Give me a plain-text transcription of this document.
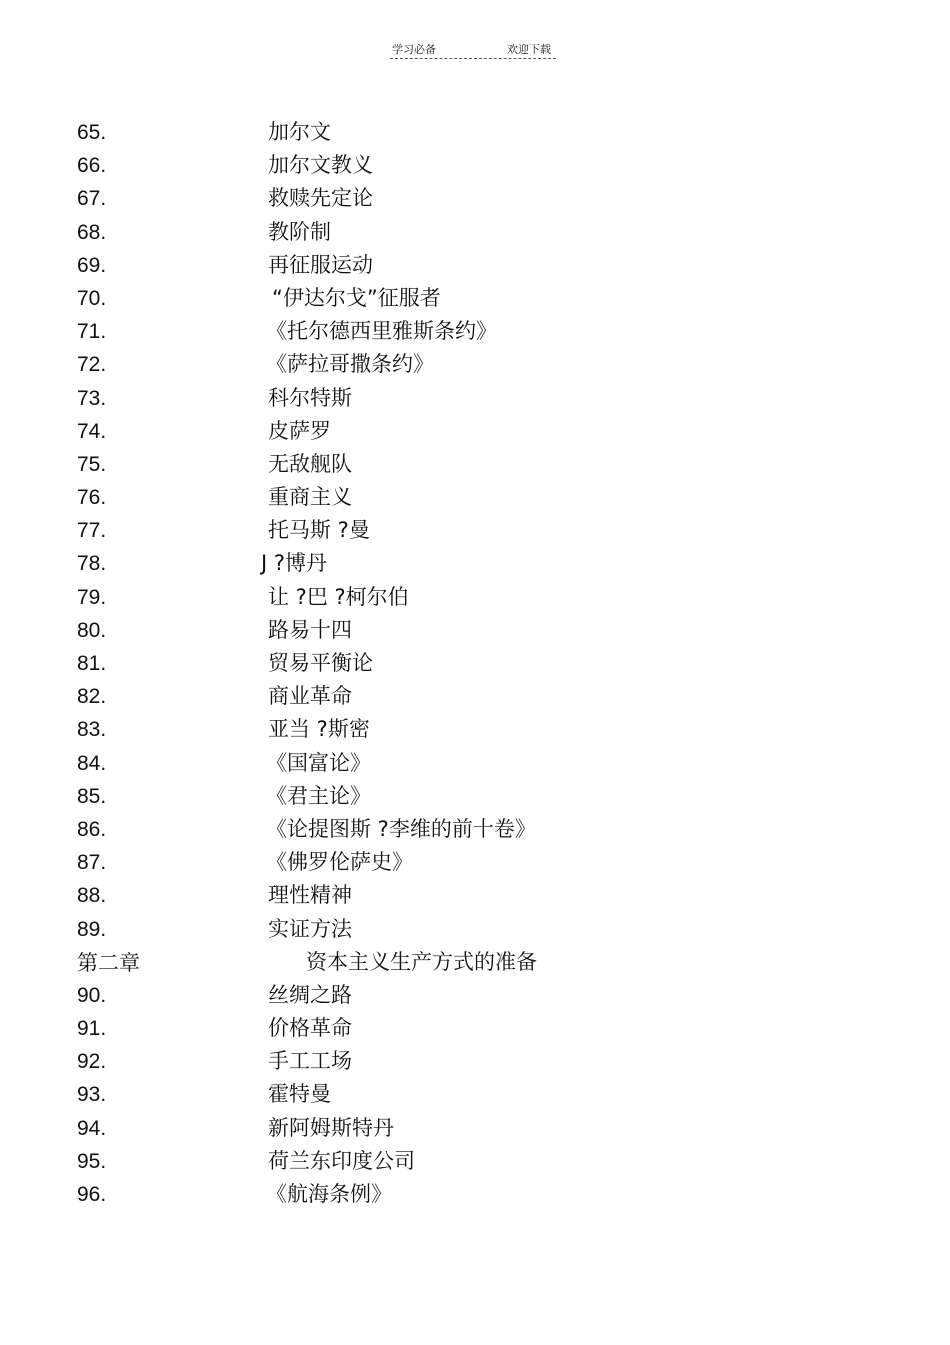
学习必备	欢迎下载
65.	加尔文
66.	加尔文教义
67.	救赎先定论
68.	教阶制
69.	再征服运动
70.	“伊达尔戈”征服者
71.	《托尔德西里雅斯条约》
72.	《萨拉哥撒条约》
73.	科尔特斯
74.	皮萨罗
75.	无敌舰队
76.	重商主义
77.	托马斯 ?曼
78.	J ?博丹
79.	让 ?巴 ?柯尔伯
80.	路易十四
81.	贸易平衡论
82.	商业革命
83.	亚当 ?斯密
84.	《国富论》
85.	《君主论》
86.	《论提图斯 ?李维的前十卷》
87.	《佛罗伦萨史》
88.	理性精神
89.	实证方法
第二章	资本主义生产方式的准备
90.	丝绸之路
91.	价格革命
92.	手工工场
93.	霍特曼
94.	新阿姆斯特丹
95.	荷兰东印度公司
96.	《航海条例》
